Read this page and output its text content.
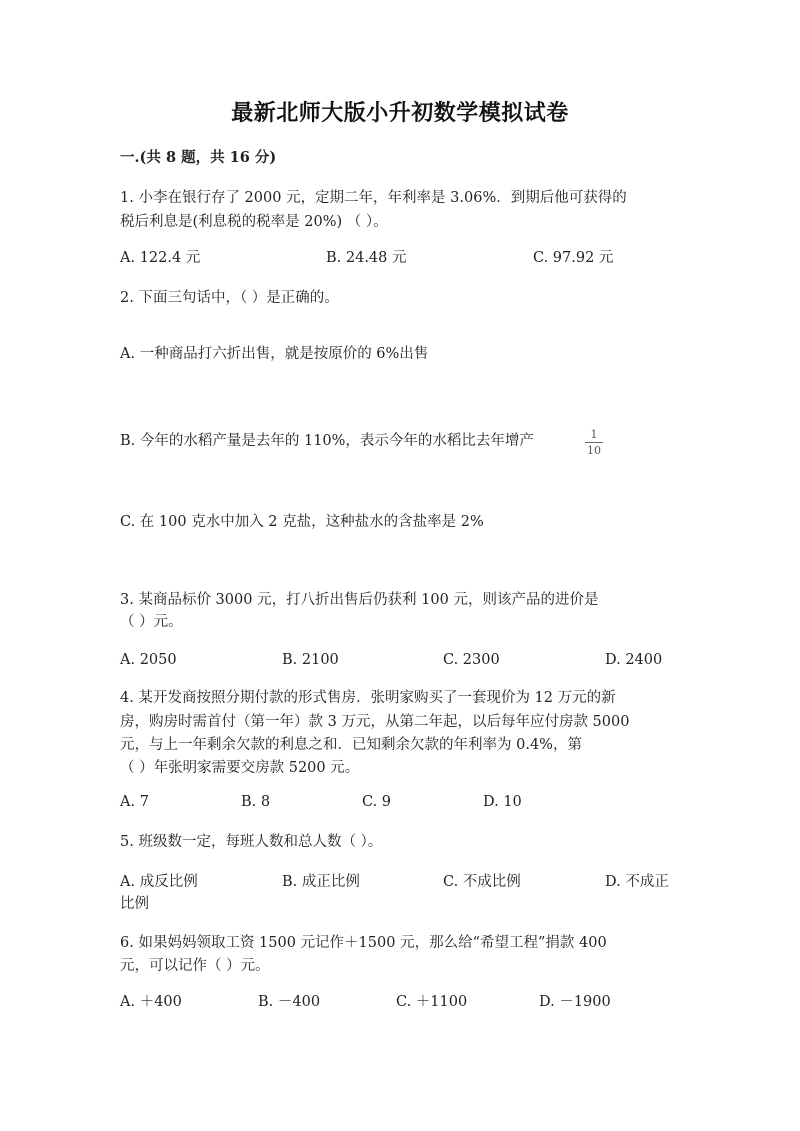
最新北师大版小升初数学模拟试卷
一.(共 8 题，共 16 分)
1. 小李在银行存了 2000 元，定期二年，年利率是 3.06%．到期后他可获得的
税后利息是(利息税的税率是 20%) （ ）。
A. 122.4 元	B. 24.48 元	C. 97.92 元
2. 下面三句话中，（ ）是正确的。
A. 一种商品打六折出售，就是按原价的 6%出售
B. 今年的水稻产量是去年的 110%，表示今年的水稻比去年增产	1
10
C. 在 100 克水中加入 2 克盐，这种盐水的含盐率是 2%
3. 某商品标价 3000 元，打八折出售后仍获利 100 元，则该产品的进价是
（ ）元。
A. 2050	B. 2100	C. 2300	D. 2400
4. 某开发商按照分期付款的形式售房．张明家购买了一套现价为 12 万元的新
房，购房时需首付（第一年）款 3 万元，从第二年起，以后每年应付房款 5000
元，与上一年剩余欠款的利息之和．已知剩余欠款的年利率为 0.4%，第
（ ）年张明家需要交房款 5200 元。
A. 7	B. 8	C. 9	D. 10
5. 班级数一定，每班人数和总人数（ ）。
A. 成反比例	B. 成正比例	C. 不成比例	D. 不成正
比例
6. 如果妈妈领取工资 1500 元记作＋1500 元，那么给“希望工程”捐款 400
元，可以记作（ ）元。
A. ＋400	B. －400	C. ＋1100	D. －1900
